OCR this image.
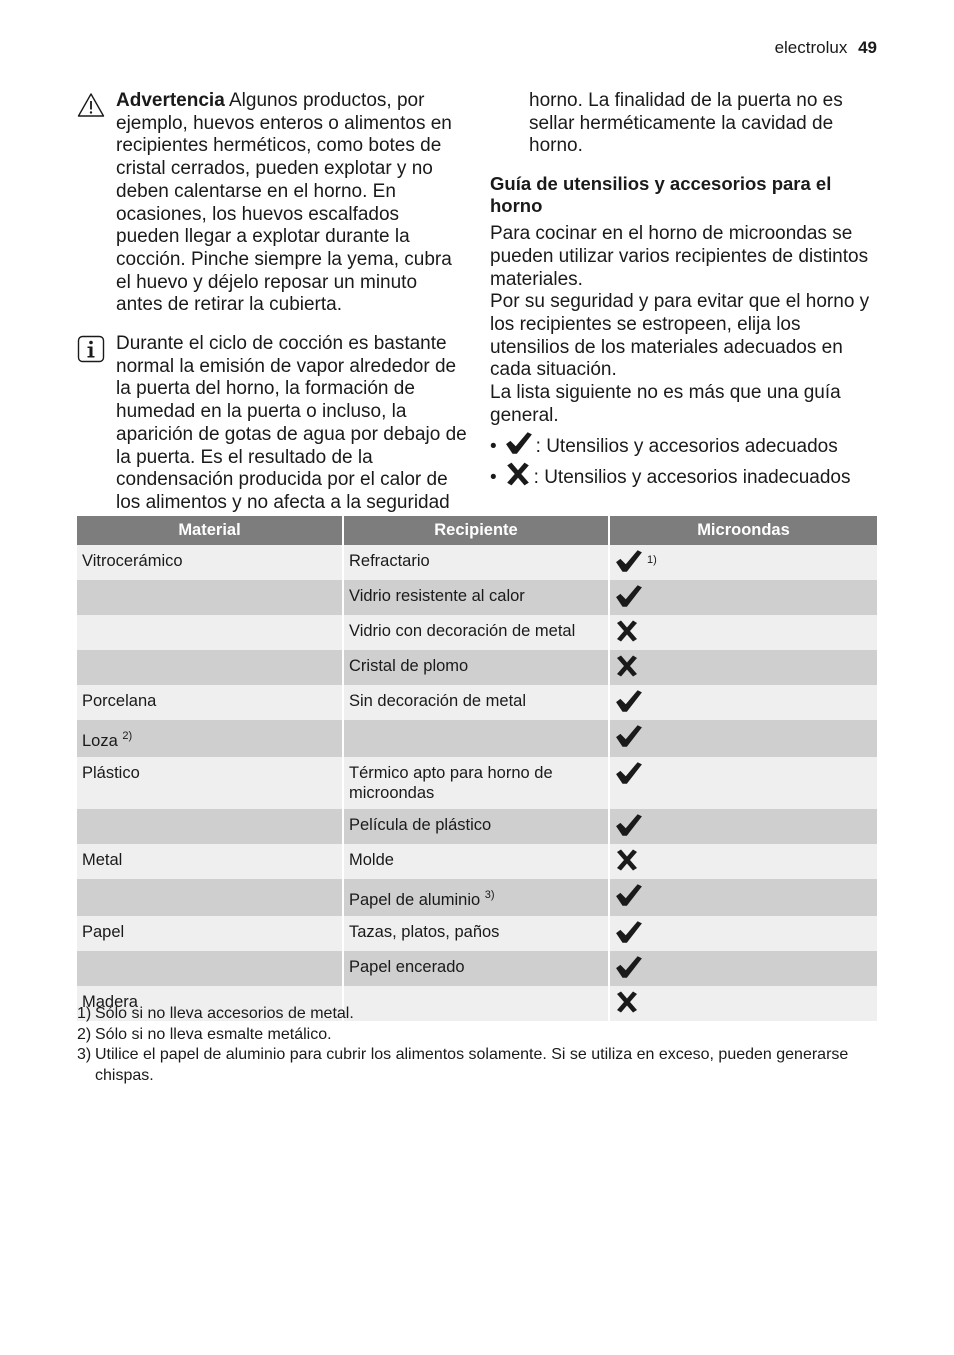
electrolux 49

Advertencia Algunos productos, por ejemplo, huevos enteros o alimentos en recipientes herméticos, como botes de cristal cerrados, pueden explotar y no deben calentarse en el horno. En ocasiones, los huevos escalfados pueden llegar a explotar durante la cocción. Pinche siempre la yema, cubra el huevo y déjelo reposar un minuto antes de retirar la cubierta.

Durante el ciclo de cocción es bastante normal la emisión de vapor alrededor de la puerta del horno, la formación de humedad en la puerta o incluso, la aparición de gotas de agua por debajo de la puerta. Es el resultado de la condensación producida por el calor de los alimentos y no afecta a la seguridad

horno. La finalidad de la puerta no es sellar herméticamente la cavidad de horno.

Guía de utensilios y accesorios para el horno

Para cocinar en el horno de microondas se pueden utilizar varios recipientes de distintos materiales.

Por su seguridad y para evitar que el horno y los recipientes se estropeen, elija los utensilios de los materiales adecuados en cada situación.

La lista siguiente no es más que una guía general.

• : Utensilios y accesorios adecuados
• : Utensilios y accesorios inadecuados
Material	Recipiente	Microondas
Vitrocerámico	Refractario	$^{1)}$
	Vidrio resistente al calor	
	Vidrio con decoración de metal	
	Cristal de plomo	
Porcelana	Sin decoración de metal	
Loza $^{2)}$		
Plástico	Térmico apto para horno de microondas	
	Película de plástico	
Metal	Molde	
	Papel de aluminio $^{3)}$	
Papel	Tazas, platos, paños	
	Papel encerado	
Madera		
1) Sólo si no lleva accesorios de metal.
2) Sólo si no lleva esmalte metálico.
3) Utilice el papel de aluminio para cubrir los alimentos solamente. Si se utiliza en exceso, pueden generarse chispas.
